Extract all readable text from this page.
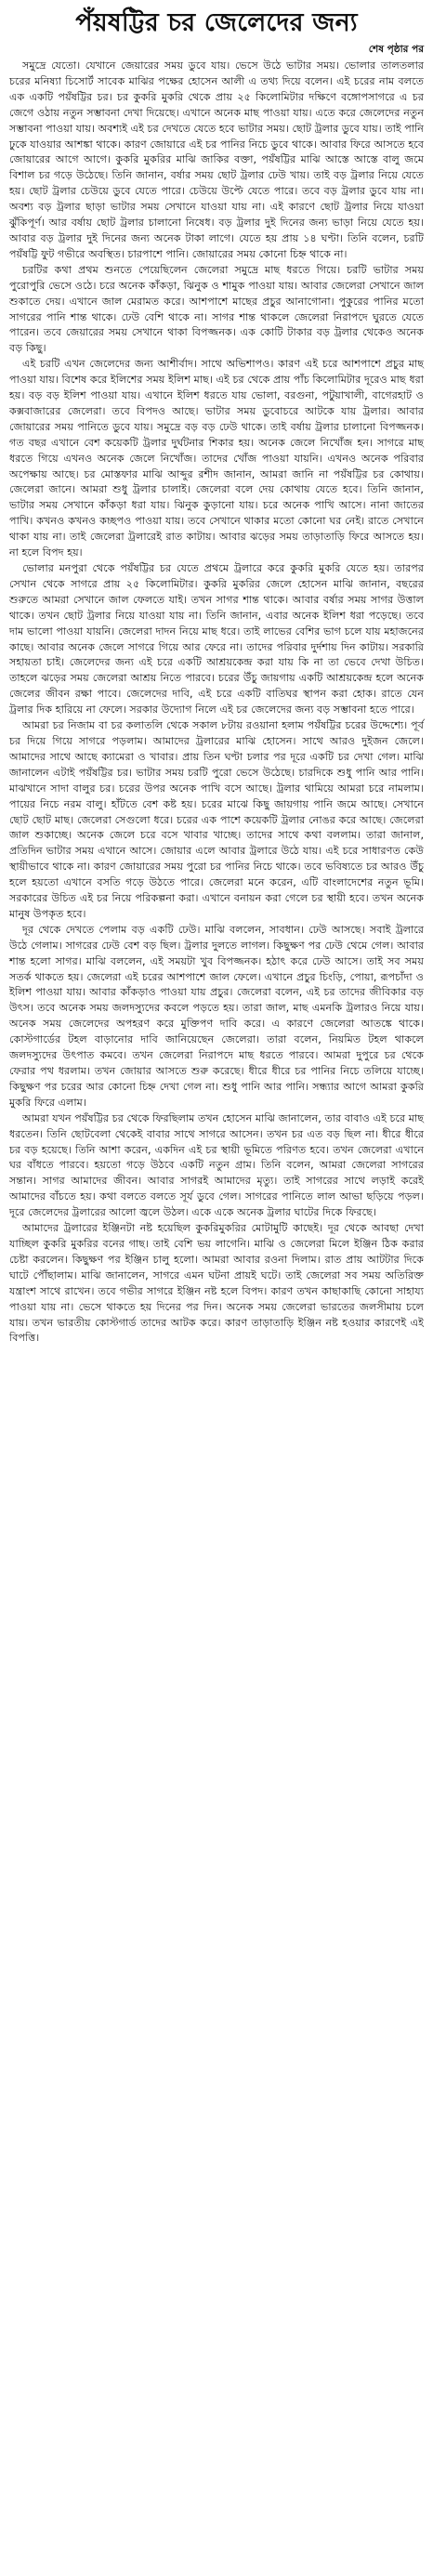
পঁয়ষট্টির চর জেলেদের জন্য
শেষ পৃষ্ঠার পর

সমুদ্রে যেতো। যেখানে জেয়ারের সময় ডুবে যায়। ভেসে উঠে ভাটার সময়। ভোলার তালতলার চরের মনিষ্যা চিসোর্ট সাবেক মাঝির পক্ষের হোসেন আলী এ তথ্য দিয়ে বলেন। এই চরের নাম বলতে এক একটি পয়ঁষট্টির চর। চর কুকরি মুকরি থেকে প্রায় ২৫ কিলোমিটার দক্ষিণে বঙ্গোপসাগরে এ চর জেগে ওঠায় নতুন সম্ভাবনা দেখা দিয়েছে। এখানে অনেক মাছ পাওয়া যায়। এতে করে জেলেদের নতুন সম্ভাবনা পাওয়া যায়। অবশ্যই এই চর দেখতে যেতে হবে ভাটার সময়। ছোট ট্রলার ডুবে যায়। তাই পানি ঢুকে যাওয়ার আশঙ্কা থাকে। কারণ জোয়ারে এই চর পানির নিচে ডুবে থাকে। আবার ফিরে আসতে হবে জোয়ারের আগে আগে। কুকরি মুকরির মাঝি জাকির বক্তা, পয়ঁষট্টির মাঝি আস্তে আস্তে বালু জমে বিশাল চর গড়ে উঠেছে। তিনি জানান, বর্ষার সময় ছোট ট্রলার ঢেউ খায়। তাই বড় ট্রলার নিয়ে যেতে হয়। ছোট ট্রলার চেউয়ে ডুবে যেতে পারে। চেউয়ে উপ্টে যেতে পারে। তবে বড় ট্রলার ডুবে যায় না। অবশ্য বড় ট্রলার ছাড়া ভাটার সময় সেখানে যাওয়া যায় না। এই কারণে ছোট ট্রলার নিয়ে যাওয়া ঝুঁকিপূর্ণ। আর বর্ষায় ছোট ট্রলার চালানো নিষেধ। বড় ট্রলার দুই দিনের জন্য ভাড়া নিয়ে যেতে হয়। আবার বড় ট্রলার দুই দিনের জন্য অনেক টাকা লাগে। যেতে হয় প্রায় ১৪ ঘণ্টা। তিনি বলেন, চরটি পয়ঁষট্টি ফুট গভীরে অবস্থিত। চারপাশে পানি। জোয়ারের সময় কোনো চিহ্ন থাকে না।

চরটির কথা প্রথম শুনতে পেয়েছিলেন জেলেরা সমুদ্রে মাছ ধরতে গিয়ে। চরটি ভাটার সময় পুরোপুরি ভেসে ওঠে। চরে অনেক কাঁকড়া, ঝিনুক ও শামুক পাওয়া যায়। আবার জেলেরা সেখানে জাল শুকাতে দেয়। এখানে জাল মেরামত করে। আশপাশে মাছের প্রচুর আনাগোনা। পুকুরের পানির মতো সাগরের পানি শান্ত থাকে। ঢেউ বেশি থাকে না। সাগর শান্ত থাকলে জেলেরা নিরাপদে ঘুরতে যেতে পারেন। তবে জেয়ারের সময় সেখানে থাকা বিপজ্জনক। এক কোটি টাকার বড় ট্রলার থেকেও অনেক বড় কিছু।

এই চরটি এখন জেলেদের জন্য আশীর্বাদ। সাথে অভিশাপও। কারণ এই চরে আশপাশে প্রচুর মাছ পাওয়া যায়। বিশেষ করে ইলিশের সময় ইলিশ মাছ। এই চর থেকে প্রায় পাঁচ কিলোমিটার দূরেও মাছ ধরা হয়। বড় বড় ইলিশ পাওয়া যায়। এখানে ইলিশ ধরতে যায় ভোলা, বরগুনা, পটুয়াখালী, বাগেরহাট ও কক্সবাজারের জেলেরা। তবে বিপদও আছে। ভাটার সময় ডুবোচরে আটকে যায় ট্রলার। আবার জোয়ারের সময় পানিতে ডুবে যায়। সমুদ্রে বড় বড় ঢেউ থাকে। তাই বর্ষায় ট্রলার চালানো বিপজ্জনক। গত বছর এখানে বেশ কয়েকটি ট্রলার দুর্ঘটনার শিকার হয়। অনেক জেলে নিখোঁজ হন। সাগরে মাছ ধরতে গিয়ে এখনও অনেক জেলে নিখোঁজ। তাদের খোঁজ পাওয়া যায়নি। এখনও অনেক পরিবার অপেক্ষায় আছে। চর মোস্তফার মাঝি আব্দুর রশীদ জানান, আমরা জানি না পয়ঁষট্টির চর কোথায়। জেলেরা জানে। আমরা শুধু ট্রলার চালাই। জেলেরা বলে দেয় কোথায় যেতে হবে। তিনি জানান, ভাটার সময় সেখানে কাঁকড়া ধরা যায়। ঝিনুক কুড়ানো যায়। চরে অনেক পাখি আসে। নানা জাতের পাখি। কখনও কখনও কচ্ছপও পাওয়া যায়। তবে সেখানে থাকার মতো কোনো ঘর নেই। রাতে সেখানে থাকা যায় না। তাই জেলেরা ট্রলারেই রাত কাটায়। আবার ঝড়ের সময় তাড়াতাড়ি ফিরে আসতে হয়। না হলে বিপদ হয়।

ভোলার মনপুরা থেকে পয়ঁষট্টির চর যেতে প্রথমে ট্রলারে করে কুকরি মুকরি যেতে হয়। তারপর সেখান থেকে সাগরে প্রায় ২৫ কিলোমিটার। কুকরি মুকরির জেলে হোসেন মাঝি জানান, বছরের শুরুতে আমরা সেখানে জাল ফেলতে যাই। তখন সাগর শান্ত থাকে। আবার বর্ষার সময় সাগর উত্তাল থাকে। তখন ছোট ট্রলার নিয়ে যাওয়া যায় না। তিনি জানান, এবার অনেক ইলিশ ধরা পড়েছে। তবে দাম ভালো পাওয়া যায়নি। জেলেরা দাদন নিয়ে মাছ ধরে। তাই লাভের বেশির ভাগ চলে যায় মহাজনের কাছে। আবার অনেক জেলে সাগরে গিয়ে আর ফেরে না। তাদের পরিবার দুর্দশায় দিন কাটায়। সরকারি সহায়তা চাই। জেলেদের জন্য এই চরে একটি আশ্রয়কেন্দ্র করা যায় কি না তা ভেবে দেখা উচিত। তাহলে ঝড়ের সময় জেলেরা আশ্রয় নিতে পারবে। চরের উঁচু জায়গায় একটি আশ্রয়কেন্দ্র হলে অনেক জেলের জীবন রক্ষা পাবে। জেলেদের দাবি, এই চরে একটি বাতিঘর স্থাপন করা হোক। রাতে যেন ট্রলার দিক হারিয়ে না ফেলে। সরকার উদ্যোগ নিলে এই চর জেলেদের জন্য বড় সম্ভাবনা হতে পারে।

আমরা চর নিজাম বা চর কলাতলি থেকে সকাল ৮টায় রওয়ানা হলাম পয়ঁষট্টির চরের উদ্দেশ্যে। পূর্ব চর দিয়ে গিয়ে সাগরে পড়লাম। আমাদের ট্রলারের মাঝি হোসেন। সাথে আরও দুইজন জেলে। আমাদের সাথে আছে ক্যামেরা ও খাবার। প্রায় তিন ঘণ্টা চলার পর দূরে একটি চর দেখা গেল। মাঝি জানালেন এটাই পয়ঁষট্টির চর। ভাটার সময় চরটি পুরো ভেসে উঠেছে। চারদিকে শুধু পানি আর পানি। মাঝখানে সাদা বালুর চর। চরের উপর অনেক পাখি বসে আছে। ট্রলার থামিয়ে আমরা চরে নামলাম। পায়ের নিচে নরম বালু। হাঁটতে বেশ কষ্ট হয়। চরের মাঝে কিছু জায়গায় পানি জমে আছে। সেখানে ছোট ছোট মাছ। জেলেরা সেগুলো ধরে। চরের এক পাশে কয়েকটি ট্রলার নোঙর করে আছে। জেলেরা জাল শুকাচ্ছে। অনেক জেলে চরে বসে খাবার খাচ্ছে। তাদের সাথে কথা বললাম। তারা জানাল, প্রতিদিন ভাটার সময় এখানে আসে। জোয়ার এলে আবার ট্রলারে উঠে যায়। এই চরে সাধারণত কেউ স্থায়ীভাবে থাকে না। কারণ জোয়ারের সময় পুরো চর পানির নিচে থাকে। তবে ভবিষ্যতে চর আরও উঁচু হলে হয়তো এখানে বসতি গড়ে উঠতে পারে। জেলেরা মনে করেন, এটি বাংলাদেশের নতুন ভূমি। সরকারের উচিত এই চর নিয়ে পরিকল্পনা করা। এখানে বনায়ন করা গেলে চর স্থায়ী হবে। তখন অনেক মানুষ উপকৃত হবে।

দূর থেকে দেখতে পেলাম বড় একটি ঢেউ। মাঝি বললেন, সাবধান। ঢেউ আসছে। সবাই ট্রলারে উঠে গেলাম। সাগরের ঢেউ বেশ বড় ছিল। ট্রলার দুলতে লাগল। কিছুক্ষণ পর ঢেউ থেমে গেল। আবার শান্ত হলো সাগর। মাঝি বললেন, এই সময়টা খুব বিপজ্জনক। হঠাৎ করে ঢেউ আসে। তাই সব সময় সতর্ক থাকতে হয়। জেলেরা এই চরের আশপাশে জাল ফেলে। এখানে প্রচুর চিংড়ি, পোয়া, রূপচাঁদা ও ইলিশ পাওয়া যায়। আবার কাঁকড়াও পাওয়া যায় প্রচুর। জেলেরা বলেন, এই চর তাদের জীবিকার বড় উৎস। তবে অনেক সময় জলদস্যুদের কবলে পড়তে হয়। তারা জাল, মাছ এমনকি ট্রলারও নিয়ে যায়। অনেক সময় জেলেদের অপহরণ করে মুক্তিপণ দাবি করে। এ কারণে জেলেরা আতঙ্কে থাকে। কোস্টগার্ডের টহল বাড়ানোর দাবি জানিয়েছেন জেলেরা। তারা বলেন, নিয়মিত টহল থাকলে জলদস্যুদের উৎপাত কমবে। তখন জেলেরা নিরাপদে মাছ ধরতে পারবে। আমরা দুপুরে চর থেকে ফেরার পথ ধরলাম। তখন জোয়ার আসতে শুরু করেছে। ধীরে ধীরে চর পানির নিচে তলিয়ে যাচ্ছে। কিছুক্ষণ পর চরের আর কোনো চিহ্ন দেখা গেল না। শুধু পানি আর পানি। সন্ধ্যার আগে আমরা কুকরি মুকরি ফিরে এলাম।

আমরা যখন পয়ঁষট্টির চর থেকে ফিরছিলাম তখন হোসেন মাঝি জানালেন, তার বাবাও এই চরে মাছ ধরতেন। তিনি ছোটবেলা থেকেই বাবার সাথে সাগরে আসেন। তখন চর এত বড় ছিল না। ধীরে ধীরে চর বড় হয়েছে। তিনি আশা করেন, একদিন এই চর স্থায়ী ভূমিতে পরিণত হবে। তখন জেলেরা এখানে ঘর বাঁধতে পারবে। হয়তো গড়ে উঠবে একটি নতুন গ্রাম। তিনি বলেন, আমরা জেলেরা সাগরের সন্তান। সাগর আমাদের জীবন। আবার সাগরই আমাদের মৃত্যু। তাই সাগরের সাথে লড়াই করেই আমাদের বাঁচতে হয়। কথা বলতে বলতে সূর্য ডুবে গেল। সাগরের পানিতে লাল আভা ছড়িয়ে পড়ল। দূরে জেলেদের ট্রলারের আলো জ্বলে উঠল। একে একে অনেক ট্রলার ঘাটের দিকে ফিরছে।

আমাদের ট্রলারের ইঞ্জিনটা নষ্ট হয়েছিল কুকরিমুকরির মোটামুটি কাছেই। দূর থেকে আবছা দেখা যাচ্ছিল কুকরি মুকরির বনের গাছ। তাই বেশি ভয় লাগেনি। মাঝি ও জেলেরা মিলে ইঞ্জিন ঠিক করার চেষ্টা করলেন। কিছুক্ষণ পর ইঞ্জিন চালু হলো। আমরা আবার রওনা দিলাম। রাত প্রায় আটটার দিকে ঘাটে পৌঁছালাম। মাঝি জানালেন, সাগরে এমন ঘটনা প্রায়ই ঘটে। তাই জেলেরা সব সময় অতিরিক্ত যন্ত্রাংশ সাথে রাখেন। তবে গভীর সাগরে ইঞ্জিন নষ্ট হলে বিপদ। কারণ তখন কাছাকাছি কোনো সাহায্য পাওয়া যায় না। ভেসে থাকতে হয় দিনের পর দিন। অনেক সময় জেলেরা ভারতের জলসীমায় চলে যায়। তখন ভারতীয় কোস্টগার্ড তাদের আটক করে। কারণ তাড়াতাড়ি ইঞ্জিন নষ্ট হওয়ার কারণেই এই বিপত্তি।
